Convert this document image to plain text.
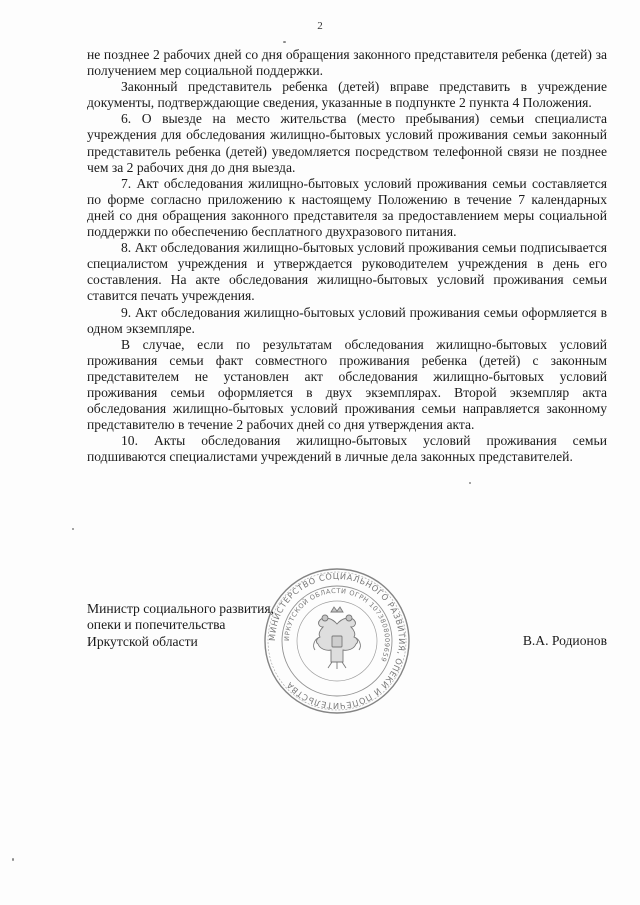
2

не позднее 2 рабочих дней со дня обращения законного представителя ребенка (детей) за получением мер социальной поддержки.

Законный представитель ребенка (детей) вправе представить в учреждение документы, подтверждающие сведения, указанные в подпункте 2 пункта 4 Положения.

6. О выезде на место жительства (место пребывания) семьи специалиста учреждения для обследования жилищно-бытовых условий проживания семьи законный представитель ребенка (детей) уведомляется посредством телефонной связи не позднее чем за 2 рабочих дня до дня выезда.

7. Акт обследования жилищно-бытовых условий проживания семьи составляется по форме согласно приложению к настоящему Положению в течение 7 календарных дней со дня обращения законного представителя за предоставлением меры социальной поддержки по обеспечению бесплатного двухразового питания.

8. Акт обследования жилищно-бытовых условий проживания семьи подписывается специалистом учреждения и утверждается руководителем учреждения в день его составления. На акте обследования жилищно-бытовых условий проживания семьи ставится печать учреждения.

9. Акт обследования жилищно-бытовых условий проживания семьи оформляется в одном экземпляре.

В случае, если по результатам обследования жилищно-бытовых условий проживания семьи факт совместного проживания ребенка (детей) с законным представителем не установлен акт обследования жилищно-бытовых условий проживания семьи оформляется в двух экземплярах. Второй экземпляр акта обследования жилищно-бытовых условий проживания семьи направляется законному представителю в течение 2 рабочих дней со дня утверждения акта.

10. Акты обследования жилищно-бытовых условий проживания семьи подшиваются специалистами учреждений в личные дела законных представителей.

Министр социального развития,
опеки и попечительства
Иркутской области	В.А. Родионов
МИНИСТЕРСТВО СОЦИАЛЬНОГО РАЗВИТИЯ, ОПЕКИ И ПОПЕЧИТЕЛЬСТВА
ИРКУТСКОЙ ОБЛАСТИ ОГРН 1073808009659
